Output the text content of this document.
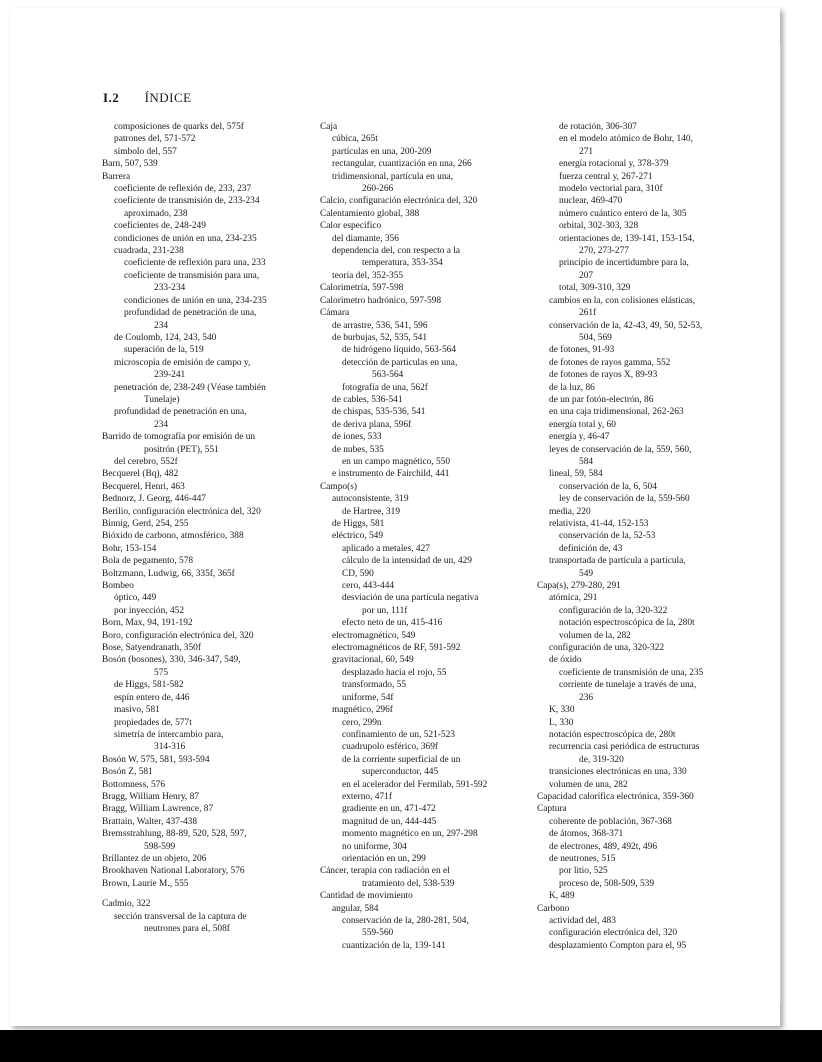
I.2 ÍNDICE
composiciones de quarks del, 575f
patrones del, 571-572
símbolo del, 557
Barn, 507, 539
Barrera
coeficiente de reflexión de, 233, 237
coeficiente de transmisión de, 233-234
aproximado, 238
coeficientes de, 248-249
condiciones de unión en una, 234-235
cuadrada, 231-238
coeficiente de reflexión para una, 233
coeficiente de transmisión para una,
233-234
condiciones de unión en una, 234-235
profundidad de penetración de una,
234
de Coulomb, 124, 243, 540
superación de la, 519
microscopía de emisión de campo y,
239-241
penetración de, 238-249 (Véase también
Tunelaje)
profundidad de penetración en una,
234
Barrido de tomografía por emisión de un
positrón (PET), 551
del cerebro, 552f
Becquerel (Bq), 482
Becquerel, Henri, 463
Bednorz, J. Georg, 446-447
Berilio, configuración electrónica del, 320
Binnig, Gerd, 254, 255
Bióxido de carbono, atmosférico, 388
Bohr, 153-154
Bola de pegamento, 578
Boltzmann, Ludwig, 66, 335f, 365f
Bombeo
óptico, 449
por inyección, 452
Born, Max, 94, 191-192
Boro, configuración electrónica del, 320
Bose, Satyendranath, 350f
Bosón (bosones), 330, 346-347, 549,
575
de Higgs, 581-582
espín entero de, 446
masivo, 581
propiedades de, 577t
simetría de intercambio para,
314-316
Bosón W, 575, 581, 593-594
Bosón Z, 581
Bottomness, 576
Bragg, William Henry, 87
Bragg, William Lawrence, 87
Brattain, Walter, 437-438
Bremsstrahlung, 88-89, 520, 528, 597,
598-599
Brillantez de un objeto, 206
Brookhaven National Laboratory, 576
Brown, Laurie M., 555
Cadmio, 322
sección transversal de la captura de
neutrones para el, 508f
Caja
cúbica, 265t
partículas en una, 200-209
rectangular, cuantización en una, 266
tridimensional, partícula en una,
260-266
Calcio, configuración electrónica del, 320
Calentamiento global, 388
Calor específico
del diamante, 356
dependencia del, con respecto a la
temperatura, 353-354
teoría del, 352-355
Calorimetría, 597-598
Calorímetro hadrónico, 597-598
Cámara
de arrastre, 536, 541, 596
de burbujas, 52, 535, 541
de hidrógeno líquido, 563-564
detección de partículas en una,
563-564
fotografía de una, 562f
de cables, 536-541
de chispas, 535-536, 541
de deriva plana, 596f
de iones, 533
de nubes, 535
en un campo magnético, 550
e instrumento de Fairchild, 441
Campo(s)
autoconsistente, 319
de Hartree, 319
de Higgs, 581
eléctrico, 549
aplicado a metales, 427
cálculo de la intensidad de un, 429
CD, 590
cero, 443-444
desviación de una partícula negativa
por un, 111f
efecto neto de un, 415-416
electromagnético, 549
electromagnéticos de RF, 591-592
gravitacional, 60, 549
desplazado hacia el rojo, 55
transformado, 55
uniforme, 54f
magnético, 296f
cero, 299n
confinamiento de un, 521-523
cuadrupolo esférico, 369f
de la corriente superficial de un
superconductor, 445
en el acelerador del Fermilab, 591-592
externo, 471f
gradiente en un, 471-472
magnitud de un, 444-445
momento magnético en un, 297-298
no uniforme, 304
orientación en un, 299
Cáncer, terapia con radiación en el
tratamiento del, 538-539
Cantidad de movimiento
angular, 584
conservación de la, 280-281, 504,
559-560
cuantización de la, 139-141
de rotación, 306-307
en el modelo atómico de Bohr, 140,
271
energía rotacional y, 378-379
fuerza central y, 267-271
modelo vectorial para, 310f
nuclear, 469-470
número cuántico entero de la, 305
orbital, 302-303, 328
orientaciones de, 139-141, 153-154,
270, 273-277
principio de incertidumbre para la,
207
total, 309-310, 329
cambios en la, con colisiones elásticas,
261f
conservación de la, 42-43, 49, 50, 52-53,
504, 569
de fotones, 91-93
de fotones de rayos gamma, 552
de fotones de rayos X, 89-93
de la luz, 86
de un par fotón-electrón, 86
en una caja tridimensional, 262-263
energía total y, 60
energía y, 46-47
leyes de conservación de la, 559, 560,
584
lineal, 59, 584
conservación de la, 6, 504
ley de conservación de la, 559-560
media, 220
relativista, 41-44, 152-153
conservación de la, 52-53
definición de, 43
transportada de partícula a partícula,
549
Capa(s), 279-280, 291
atómica, 291
configuración de la, 320-322
notación espectroscópica de la, 280t
volumen de la, 282
configuración de una, 320-322
de óxido
coeficiente de transmisión de una, 235
corriente de tunelaje a través de una,
236
K, 330
L, 330
notación espectroscópica de, 280t
recurrencia casi periódica de estructuras
de, 319-320
transiciones electrónicas en una, 330
volumen de una, 282
Capacidad calorífica electrónica, 359-360
Captura
coherente de población, 367-368
de átomos, 368-371
de electrones, 489, 492t, 496
de neutrones, 515
por litio, 525
proceso de, 508-509, 539
K, 489
Carbono
actividad del, 483
configuración electrónica del, 320
desplazamiento Compton para el, 95
